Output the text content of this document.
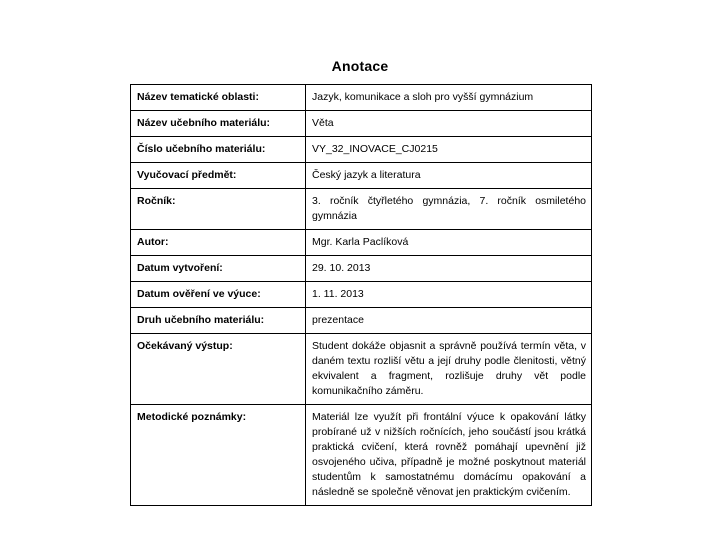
Anotace
Název tematické oblasti:	Jazyk, komunikace a sloh pro vyšší gymnázium
Název učebního materiálu:	Věta
Číslo učebního materiálu:	VY_32_INOVACE_CJ0215
Vyučovací předmět:	Český jazyk a literatura
Ročník:	3. ročník čtyřletého gymnázia, 7. ročník osmiletého gymnázia
Autor:	Mgr. Karla Paclíková
Datum vytvoření:	29. 10. 2013
Datum ověření ve výuce:	1. 11. 2013
Druh učebního materiálu:	prezentace
Očekávaný výstup:	Student dokáže objasnit a správně používá termín věta, v daném textu rozliší větu a její druhy podle členitosti, větný ekvivalent a fragment, rozlišuje druhy vět podle komunikačního záměru.
Metodické poznámky:	Materiál lze využít při frontální výuce k opakování látky probírané už v nižších ročnících, jeho součástí jsou krátká praktická cvičení, která rovněž pomáhají upevnění již osvojeného učiva, případně je možné poskytnout materiál studentům k samostatnému domácímu opakování a následně se společně věnovat jen praktickým cvičením.
